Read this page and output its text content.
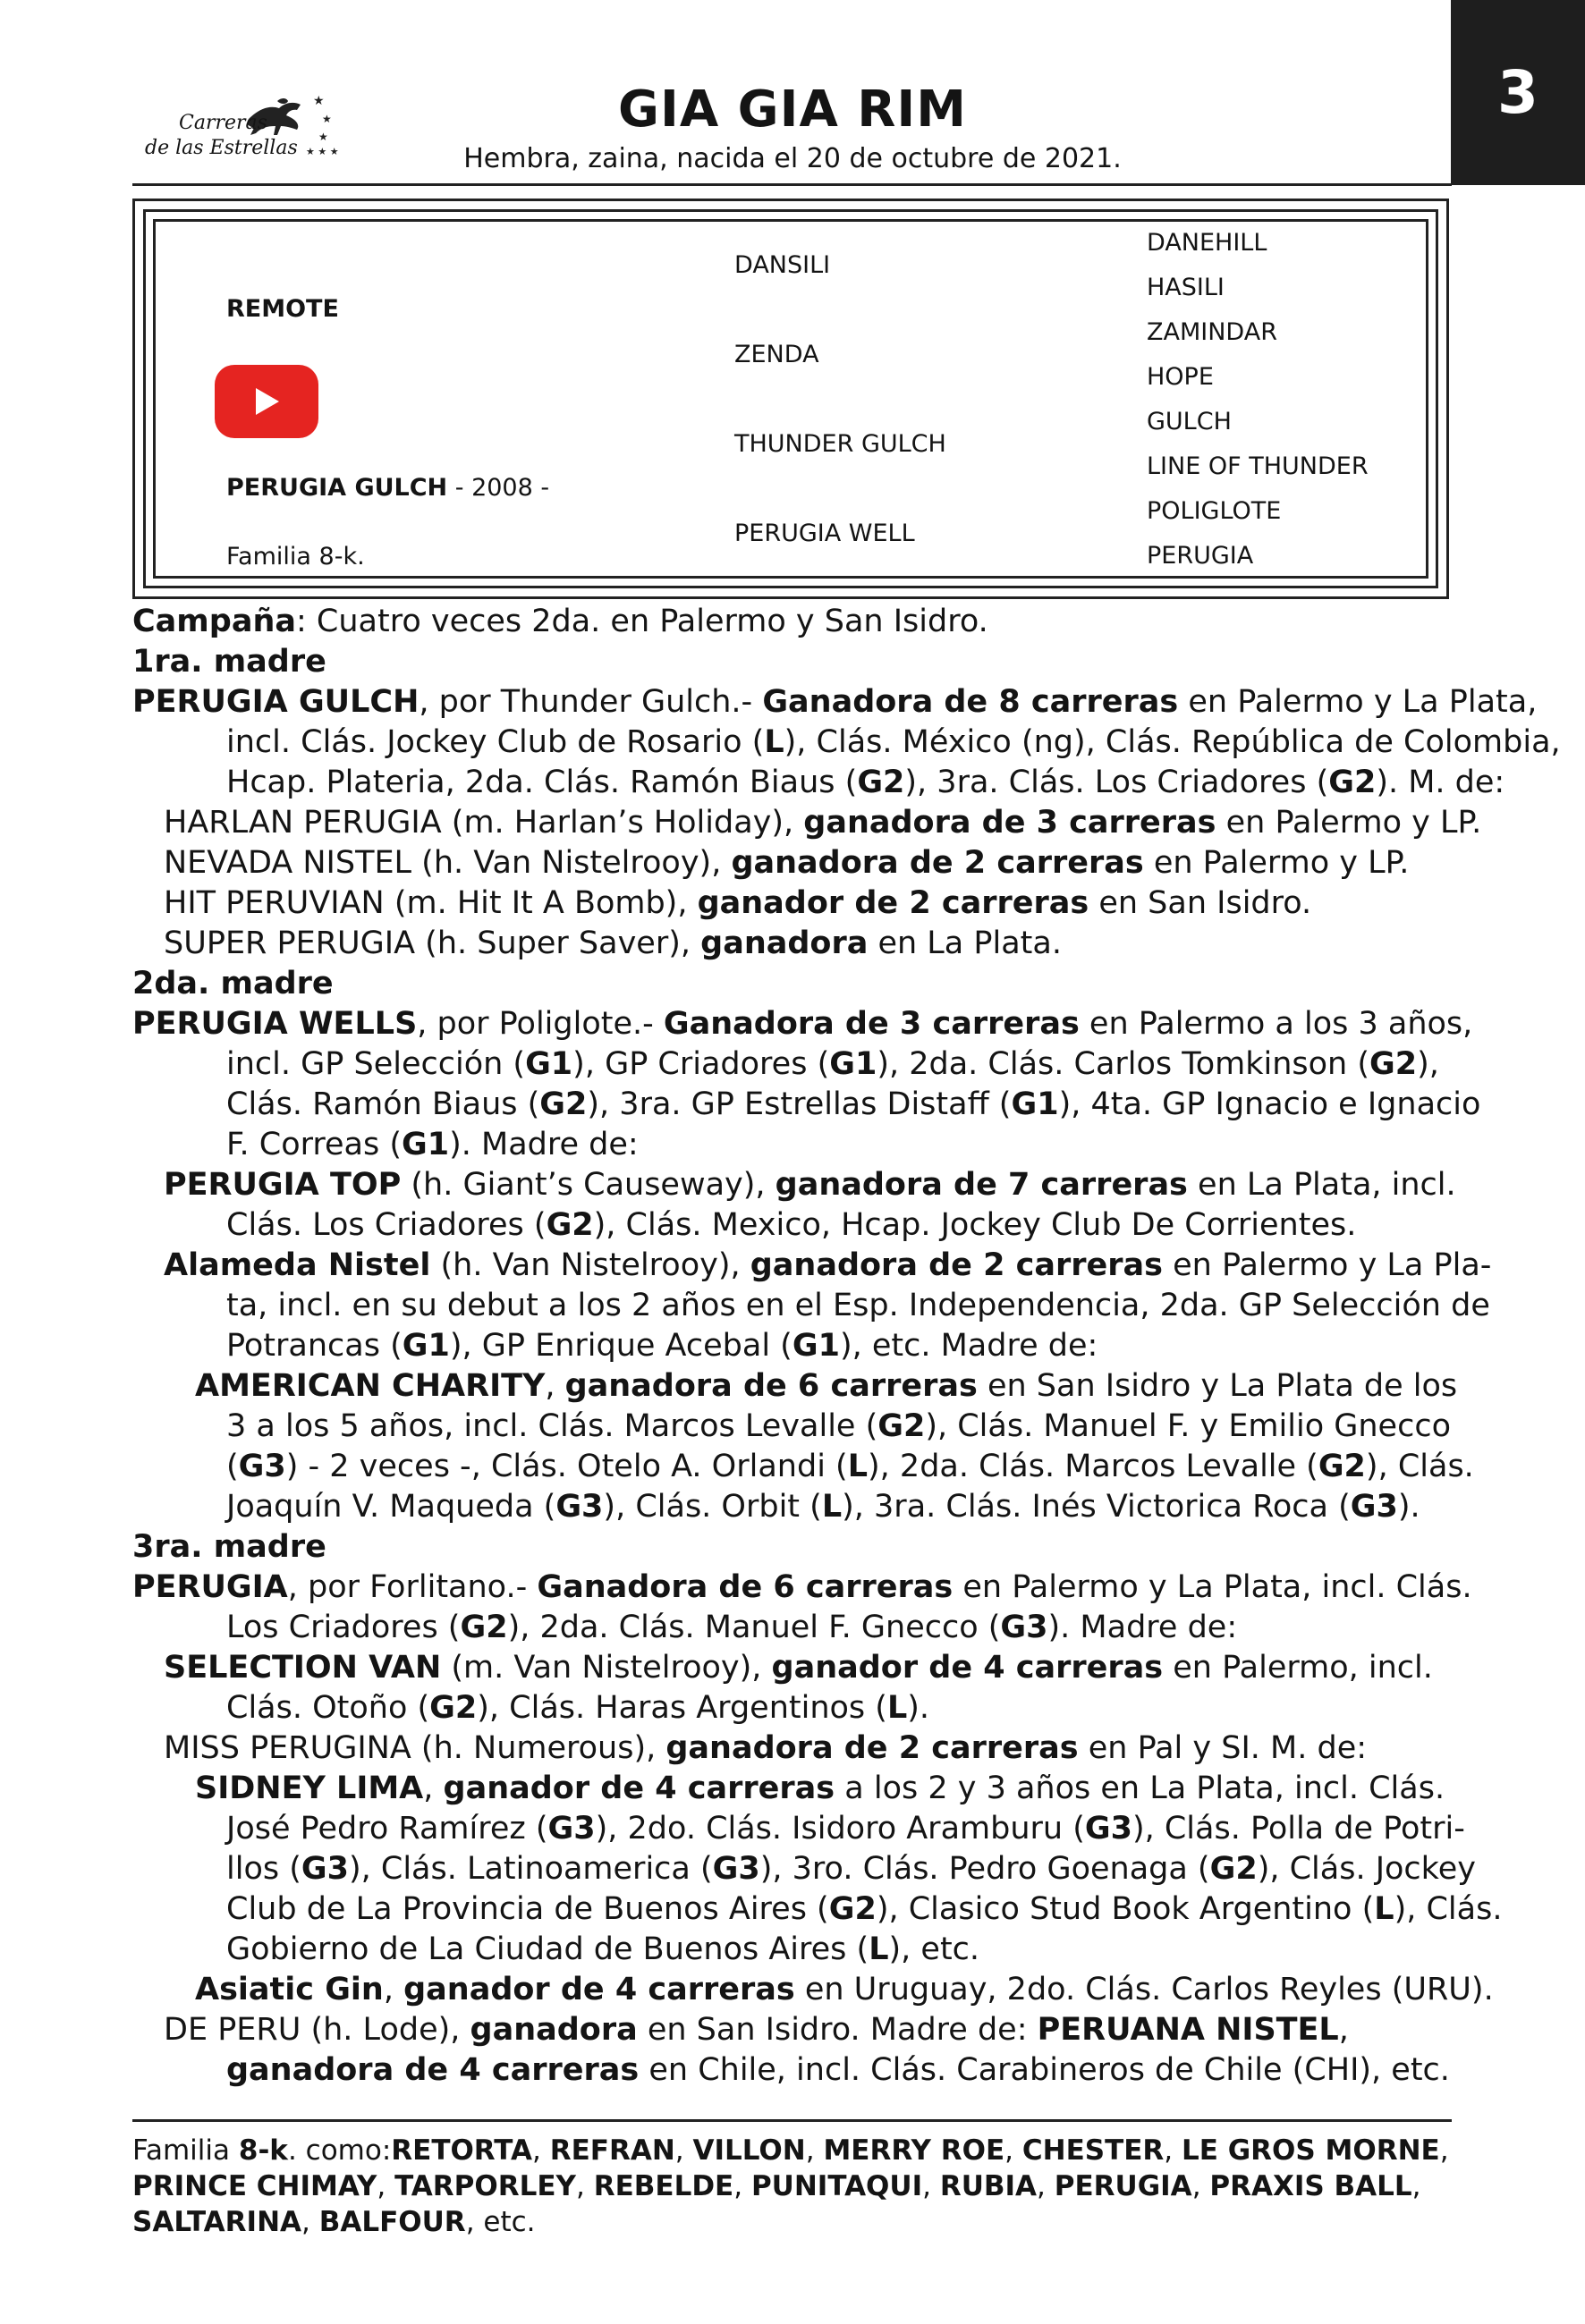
3
★
★
★
★ ★ ★
Carreras
de las Estrellas
GIA GIA RIM
Hembra, zaina, nacida el 20 de octubre de 2021.
REMOTE
PERUGIA GULCH - 2008 -
Familia 8-k.
DANSILI
ZENDA
THUNDER GULCH
PERUGIA WELL
DANEHILL
HASILI
ZAMINDAR
HOPE
GULCH
LINE OF THUNDER
POLIGLOTE
PERUGIA
Campaña: Cuatro veces 2da. en Palermo y San Isidro.
1ra. madre
PERUGIA GULCH, por Thunder Gulch.- Ganadora de 8 carreras en Palermo y La Plata,
incl. Clás. Jockey Club de Rosario (L), Clás. México (ng), Clás. República de Colombia,
Hcap. Plateria, 2da. Clás. Ramón Biaus (G2), 3ra. Clás. Los Criadores (G2). M. de:
HARLAN PERUGIA (m. Harlan’s Holiday), ganadora de 3 carreras en Palermo y LP.
NEVADA NISTEL (h. Van Nistelrooy), ganadora de 2 carreras en Palermo y LP.
HIT PERUVIAN (m. Hit It A Bomb), ganador de 2 carreras en San Isidro.
SUPER PERUGIA (h. Super Saver), ganadora en La Plata.
2da. madre
PERUGIA WELLS, por Poliglote.- Ganadora de 3 carreras en Palermo a los 3 años,
incl. GP Selección (G1), GP Criadores (G1), 2da. Clás. Carlos Tomkinson (G2),
Clás. Ramón Biaus (G2), 3ra. GP Estrellas Distaff (G1), 4ta. GP Ignacio e Ignacio
F. Correas (G1). Madre de:
PERUGIA TOP (h. Giant’s Causeway), ganadora de 7 carreras en La Plata, incl.
Clás. Los Criadores (G2), Clás. Mexico, Hcap. Jockey Club De Corrientes.
Alameda Nistel (h. Van Nistelrooy), ganadora de 2 carreras en Palermo y La Pla-
ta, incl. en su debut a los 2 años en el Esp. Independencia, 2da. GP Selección de
Potrancas (G1), GP Enrique Acebal (G1), etc. Madre de:
AMERICAN CHARITY, ganadora de 6 carreras en San Isidro y La Plata de los
3 a los 5 años, incl. Clás. Marcos Levalle (G2), Clás. Manuel F. y Emilio Gnecco
(G3) - 2 veces -, Clás. Otelo A. Orlandi (L), 2da. Clás. Marcos Levalle (G2), Clás.
Joaquín V. Maqueda (G3), Clás. Orbit (L), 3ra. Clás. Inés Victorica Roca (G3).
3ra. madre
PERUGIA, por Forlitano.- Ganadora de 6 carreras en Palermo y La Plata, incl. Clás.
Los Criadores (G2), 2da. Clás. Manuel F. Gnecco (G3). Madre de:
SELECTION VAN (m. Van Nistelrooy), ganador de 4 carreras en Palermo, incl.
Clás. Otoño (G2), Clás. Haras Argentinos (L).
MISS PERUGINA (h. Numerous), ganadora de 2 carreras en Pal y SI. M. de:
SIDNEY LIMA, ganador de 4 carreras a los 2 y 3 años en La Plata, incl. Clás.
José Pedro Ramírez (G3), 2do. Clás. Isidoro Aramburu (G3), Clás. Polla de Potri-
llos (G3), Clás. Latinoamerica (G3), 3ro. Clás. Pedro Goenaga (G2), Clás. Jockey
Club de La Provincia de Buenos Aires (G2), Clasico Stud Book Argentino (L), Clás.
Gobierno de La Ciudad de Buenos Aires (L), etc.
Asiatic Gin, ganador de 4 carreras en Uruguay, 2do. Clás. Carlos Reyles (URU).
DE PERU (h. Lode), ganadora en San Isidro. Madre de: PERUANA NISTEL,
ganadora de 4 carreras en Chile, incl. Clás. Carabineros de Chile (CHI), etc.
Familia 8-k. como:RETORTA, REFRAN, VILLON, MERRY ROE, CHESTER, LE GROS MORNE,
PRINCE CHIMAY, TARPORLEY, REBELDE, PUNITAQUI, RUBIA, PERUGIA, PRAXIS BALL,
SALTARINA, BALFOUR, etc.
